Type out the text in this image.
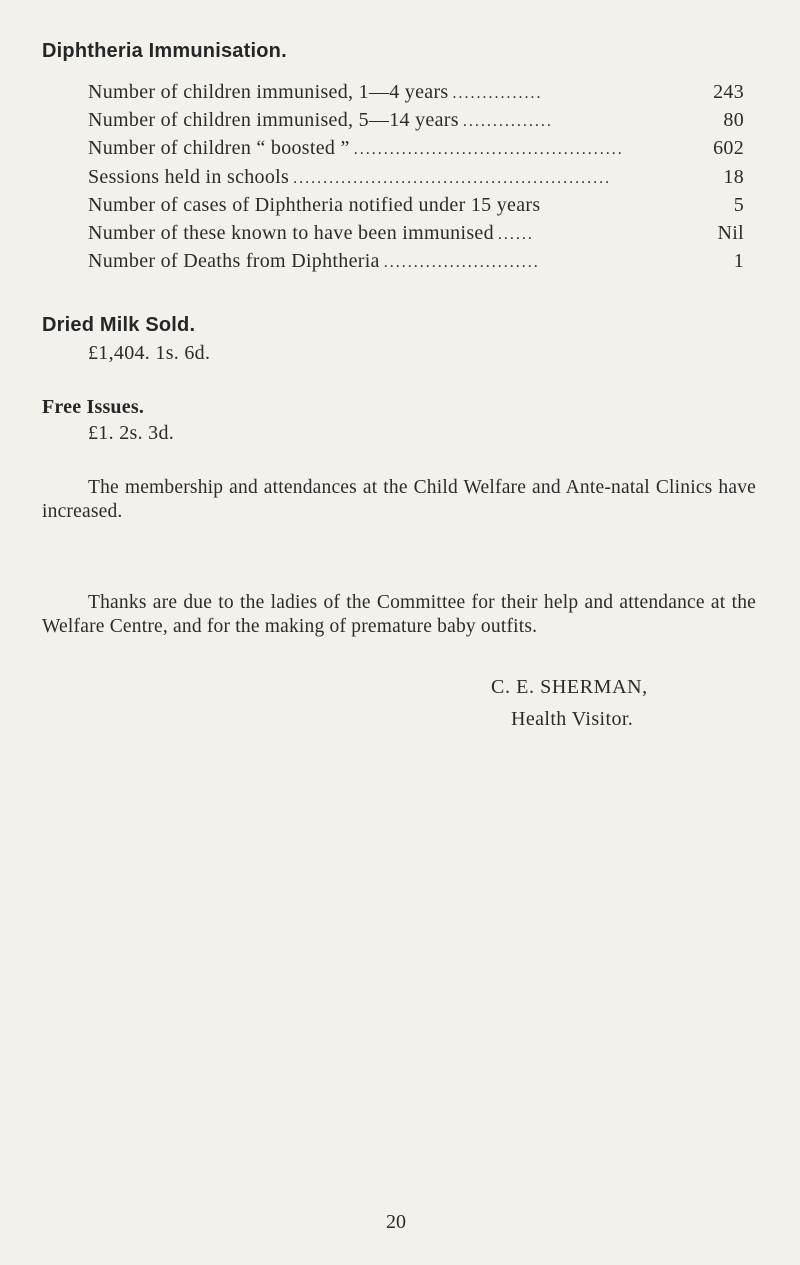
Diphtheria Immunisation.
Number of children immunised, 1—4 years ...............	243
Number of children immunised, 5—14 years ...............	80
Number of children “ boosted ” .............................................	602
Sessions held in schools .....................................................	18
Number of cases of Diphtheria notified under 15 years	5
Number of these known to have been immunised ......	Nil
Number of Deaths from Diphtheria ..........................	1
Dried Milk Sold.
£1,404. 1s. 6d.
Free Issues.
£1. 2s. 3d.

The membership and attendances at the Child Welfare and Ante-natal Clinics have increased.

Thanks are due to the ladies of the Committee for their help and attendance at the Welfare Centre, and for the making of premature baby outfits.

C. E. SHERMAN,
Health Visitor.
20
